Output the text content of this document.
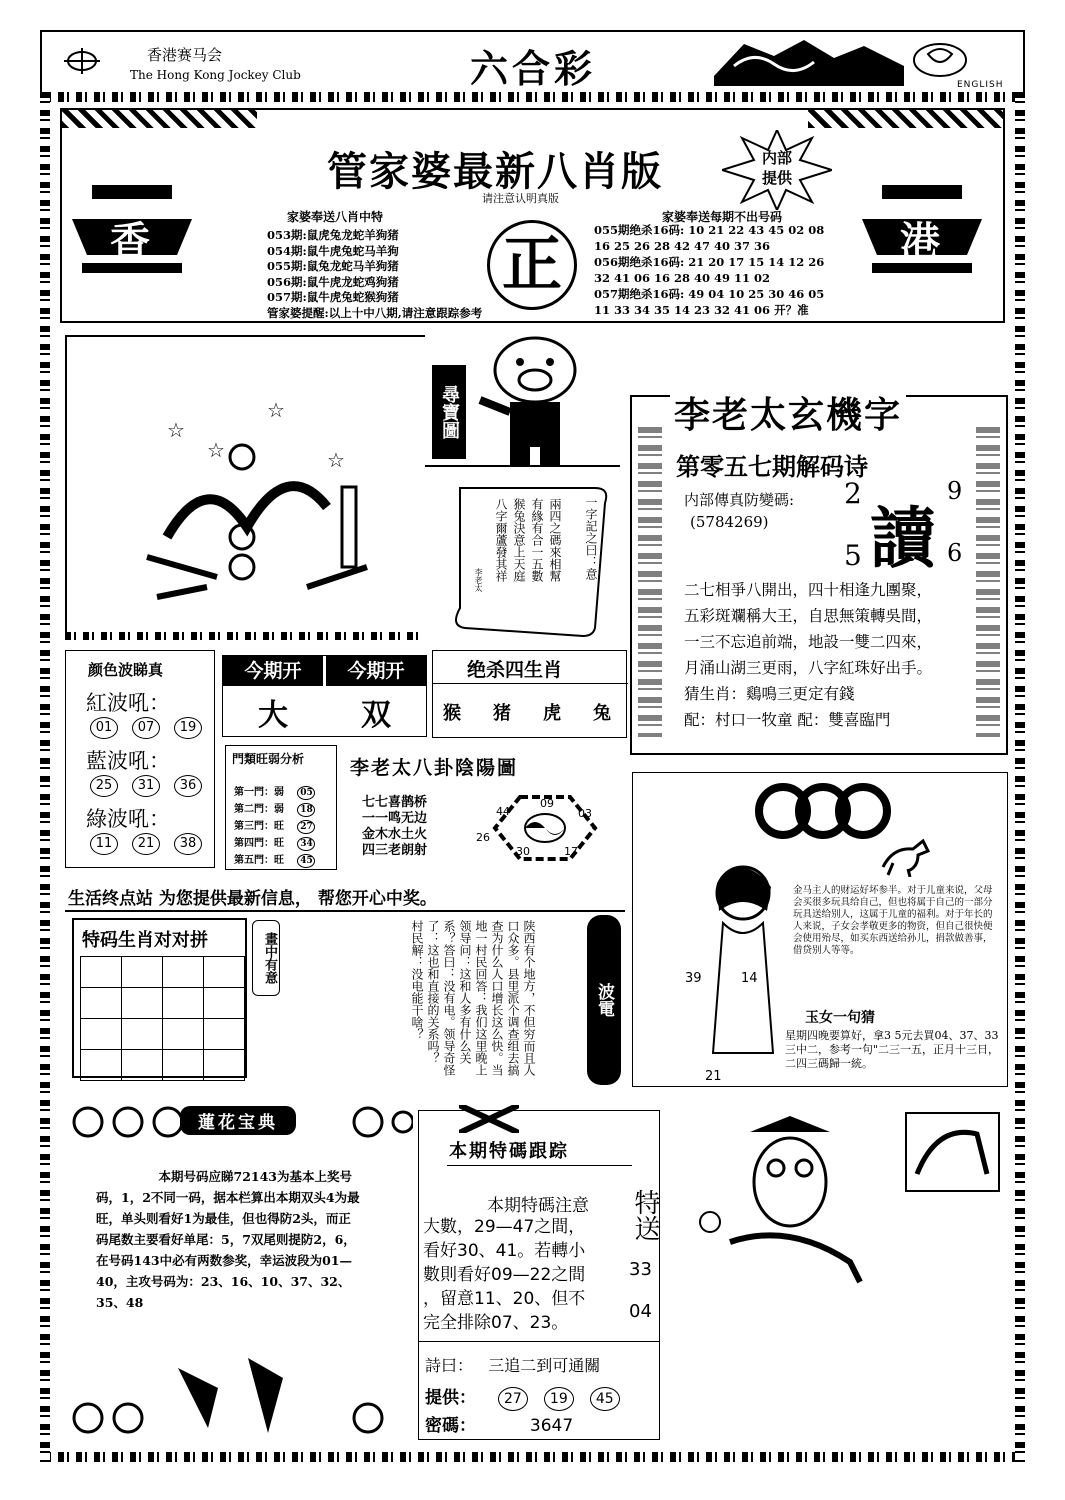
香港赛马会
The Hong Kong Jockey Club	六合彩	ENGLISH
香	港
管家婆最新八肖版
请注意认明真版
内部提供
正
家婆奉送八肖中特
053期:鼠虎兔龙蛇羊狗猪
054期:鼠牛虎兔蛇马羊狗
055期:鼠兔龙蛇马羊狗猪
056期:鼠牛虎龙蛇鸡狗猪
057期:鼠牛虎兔蛇猴狗猪
管家婆提醒:以上十中八期,请注意跟踪参考
家婆奉送每期不出号码
055期绝杀16码: 10 21 22 43 45 02 08
16 25 26 28 42 47 40 37 36
056期绝杀16码: 21 20 17 15 14 12 26
32 41 06 16 28 40 49 11 02
057期绝杀16码: 49 04 10 25 30 46 05
11 33 34 35 14 23 32 41 06 开？准
☆
☆
☆
☆
尋寶圖
一字記之曰：意
兩四之碼來相幫
有緣有合一五數
猴兔決意上天庭
八字爾蘆發其祥
李老太
李老太玄機字
第零五七期解码诗
内部傳真防變碼:
(5784269)
2	9
讀
5	6
二七相爭八開出，四十相逢九團聚，
五彩斑斕稱大王，自思無策轉吳間，
一三不忘追前端，地設一雙二四來，
月涌山湖三更雨，八字紅珠好出手。
猜生肖：鷄鳴三更定有錢
配：村口一牧童 配：雙喜臨門
颜色波睇真
紅波吼：
01 07 19
藍波吼：
25 31 36
綠波吼：
11 21 38
今期开	今期开
大	双
绝杀四生肖
猴 猪 虎 兔
門類旺弱分析
第一門：弱 05
第二門：弱 18
第三門：旺 27
第四門：旺 34
第五門：旺 45
李老太八卦陰陽圖
七七喜鹊桥
一一鸣无边
金木水土火
四三老朗射
44
09
03
26
30	17
39	14
21
金马主人的财运好坏参半。对于儿童来说，父母会买很多玩具给自己，但也将属于自己的一部分玩具送给别人，这属于儿童的福利。对于年长的人来说，子女会孝敬更多的物资，但自己很快便会使用殆尽，如买东西送给孙儿，捐款做善事，借贷别人等等。
玉女一句猜
星期四晚要算好，拿3 5元去買04、37、33三中二，参考一句"二三一五，正月十三日，二四三碼歸一統。
生活终点站 为您提供最新信息， 帮您开心中奖。
特码生肖对对拼

				畫中有意	陕西有个地方，不但穷而且人
口众多。县里派个调查组去搞
查为什么人口增长这么快。当
地一村民回答：我们这里晚上
领导问：这和人多有什么关
系？答曰：没有电。领导奇怪
了：这也和直接的关系吗？
村民解：没电能干啥？	波電
蓮花宝典
本期号码应睇72143为基本上奖号码，1，2不同一码，据本栏算出本期双头4为最旺，单头则看好1为最佳，但也得防2头，而正码尾数主要看好单尾：5，7双尾则提防2，6，在号码143中必有两数参奖，幸运波段为01—40，主攻号码为：23、16、10、37、32、35、48
本期特碼跟踪
本期特碼注意
大數，29—47之間，
看好30、41。若轉小
數則看好09—22之間
，留意11、20、但不
完全排除07、23。
特送
33
04
詩曰： 三追二到可通關
提供： 27 19 45
密碼：	3647
